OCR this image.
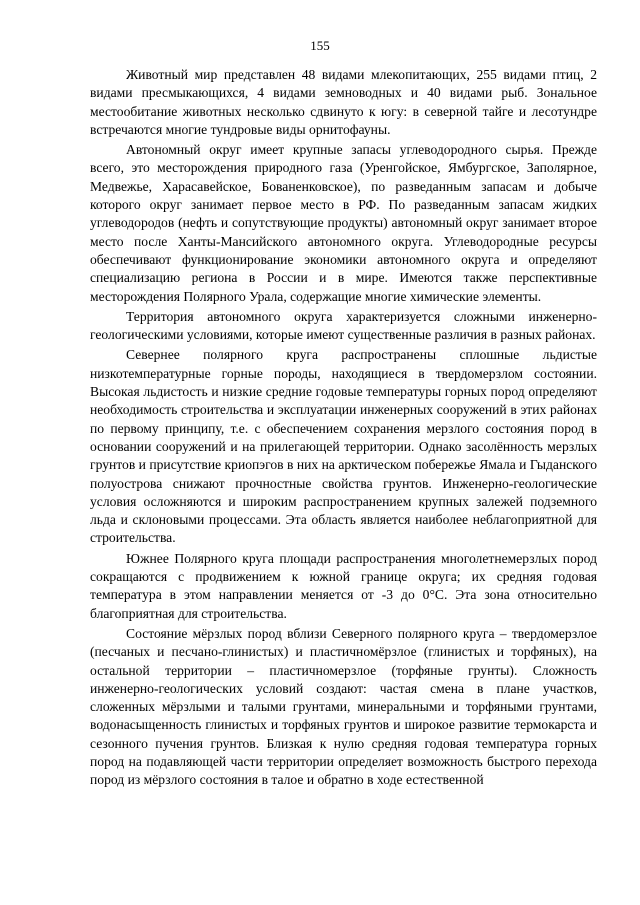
155

Животный мир представлен 48 видами млекопитающих, 255 видами птиц, 2 видами пресмыкающихся, 4 видами земноводных и 40 видами рыб. Зональное местообитание животных несколько сдвинуто к югу: в северной тайге и лесотундре встречаются многие тундровые виды орнитофауны.

Автономный округ имеет крупные запасы углеводородного сырья. Прежде всего, это месторождения природного газа (Уренгойское, Ямбургское, Заполярное, Медвежье, Харасавейское, Бованенковское), по разведанным запасам и добыче которого округ занимает первое место в РФ. По разведанным запасам жидких углеводородов (нефть и сопутствующие продукты) автономный округ занимает второе место после Ханты-Мансийского автономного округа. Углеводородные ресурсы обеспечивают функционирование экономики автономного округа и определяют специализацию региона в России и в мире. Имеются также перспективные месторождения Полярного Урала, содержащие многие химические элементы.

Территория автономного округа характеризуется сложными инженерно-геологическими условиями, которые имеют существенные различия в разных районах.

Севернее полярного круга распространены сплошные льдистые низкотемпературные горные породы, находящиеся в твердомерзлом состоянии. Высокая льдистость и низкие средние годовые температуры горных пород определяют необходимость строительства и эксплуатации инженерных сооружений в этих районах по первому принципу, т.е. с обеспечением сохранения мерзлого состояния пород в основании сооружений и на прилегающей территории. Однако засолённость мерзлых грунтов и присутствие криопэгов в них на арктическом побережье Ямала и Гыданского полуострова снижают прочностные свойства грунтов. Инженерно-геологические условия осложняются и широким распространением крупных залежей подземного льда и склоновыми процессами. Эта область является наиболее неблагоприятной для строительства.

Южнее Полярного круга площади распространения многолетнемерзлых пород сокращаются с продвижением к южной границе округа; их средняя годовая температура в этом направлении меняется от -3 до 0°С. Эта зона относительно благоприятная для строительства.

Состояние мёрзлых пород вблизи Северного полярного круга – твердомерзлое (песчаных и песчано-глинистых) и пластичномёрзлое (глинистых и торфяных), на остальной территории – пластичномерзлое (торфяные грунты). Сложность инженерно-геологических условий создают: частая смена в плане участков, сложенных мёрзлыми и талыми грунтами, минеральными и торфяными грунтами, водонасыщенность глинистых и торфяных грунтов и широкое развитие термокарста и сезонного пучения грунтов. Близкая к нулю средняя годовая температура горных пород на подавляющей части территории определяет возможность быстрого перехода пород из мёрзлого состояния в талое и обратно в ходе естественной
